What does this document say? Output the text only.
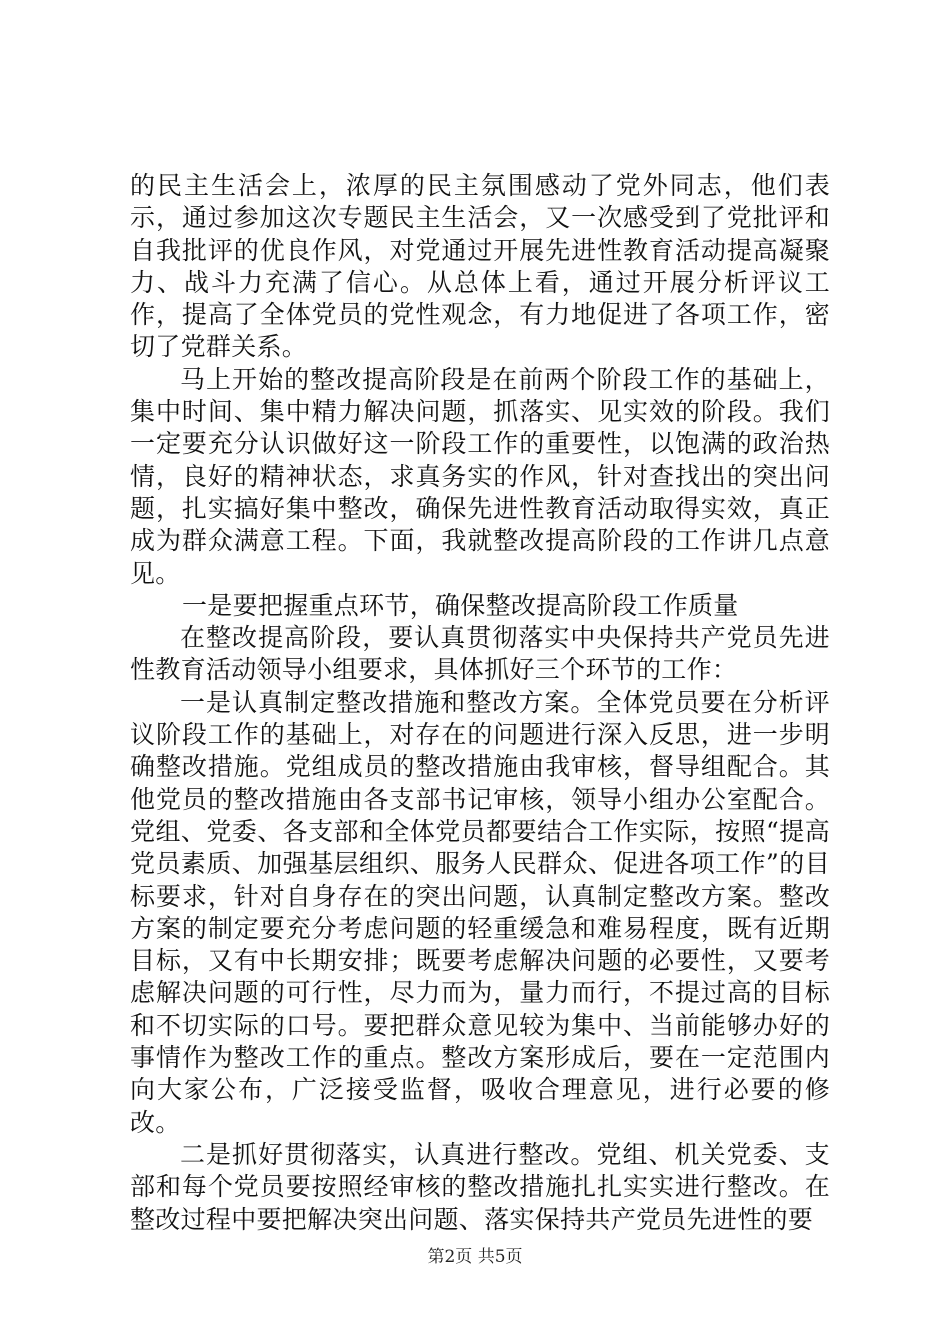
的民主生活会上，浓厚的民主氛围感动了党外同志，他们表示，通过参加这次专题民主生活会，又一次感受到了党批评和自我批评的优良作风，对党通过开展先进性教育活动提高凝聚力、战斗力充满了信心。从总体上看，通过开展分析评议工作，提高了全体党员的党性观念，有力地促进了各项工作，密切了党群关系。

马上开始的整改提高阶段是在前两个阶段工作的基础上，集中时间、集中精力解决问题，抓落实、见实效的阶段。我们一定要充分认识做好这一阶段工作的重要性，以饱满的政治热情，良好的精神状态，求真务实的作风，针对查找出的突出问题，扎实搞好集中整改，确保先进性教育活动取得实效，真正成为群众满意工程。下面，我就整改提高阶段的工作讲几点意见。

一是要把握重点环节，确保整改提高阶段工作质量

在整改提高阶段，要认真贯彻落实中央保持共产党员先进性教育活动领导小组要求，具体抓好三个环节的工作：

一是认真制定整改措施和整改方案。全体党员要在分析评议阶段工作的基础上，对存在的问题进行深入反思，进一步明确整改措施。党组成员的整改措施由我审核，督导组配合。其他党员的整改措施由各支部书记审核，领导小组办公室配合。党组、党委、各支部和全体党员都要结合工作实际，按照“提高党员素质、加强基层组织、服务人民群众、促进各项工作”的目标要求，针对自身存在的突出问题，认真制定整改方案。整改方案的制定要充分考虑问题的轻重缓急和难易程度，既有近期目标，又有中长期安排；既要考虑解决问题的必要性，又要考虑解决问题的可行性，尽力而为，量力而行，不提过高的目标和不切实际的口号。要把群众意见较为集中、当前能够办好的事情作为整改工作的重点。整改方案形成后，要在一定范围内向大家公布，广泛接受监督，吸收合理意见，进行必要的修改。

二是抓好贯彻落实，认真进行整改。党组、机关党委、支部和每个党员要按照经审核的整改措施扎扎实实进行整改。在整改过程中要把解决突出问题、落实保持共产党员先进性的要

第2页 共5页
